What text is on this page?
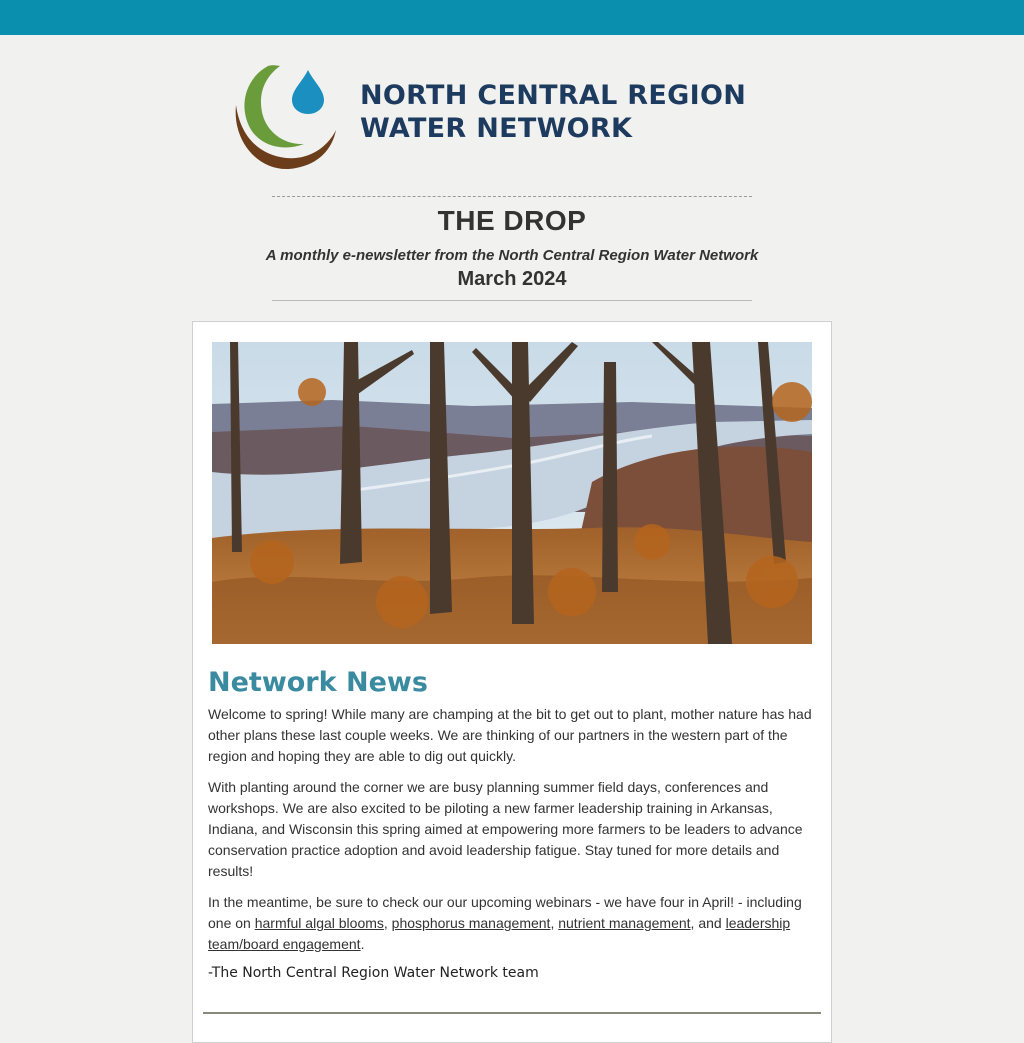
NORTH CENTRAL REGION
WATER NETWORK
THE DROP
A monthly e-newsletter from the North Central Region Water Network
March 2024
Network News

Welcome to spring! While many are champing at the bit to get out to plant, mother nature has had other plans these last couple weeks. We are thinking of our partners in the western part of the region and hoping they are able to dig out quickly.

With planting around the corner we are busy planning summer field days, conferences and workshops. We are also excited to be piloting a new farmer leadership training in Arkansas, Indiana, and Wisconsin this spring aimed at empowering more farmers to be leaders to advance conservation practice adoption and avoid leadership fatigue. Stay tuned for more details and results!

In the meantime, be sure to check our our upcoming webinars - we have four in April! - including one on harmful algal blooms, phosphorus management, nutrient management, and leadership team/board engagement.

-The North Central Region Water Network team
